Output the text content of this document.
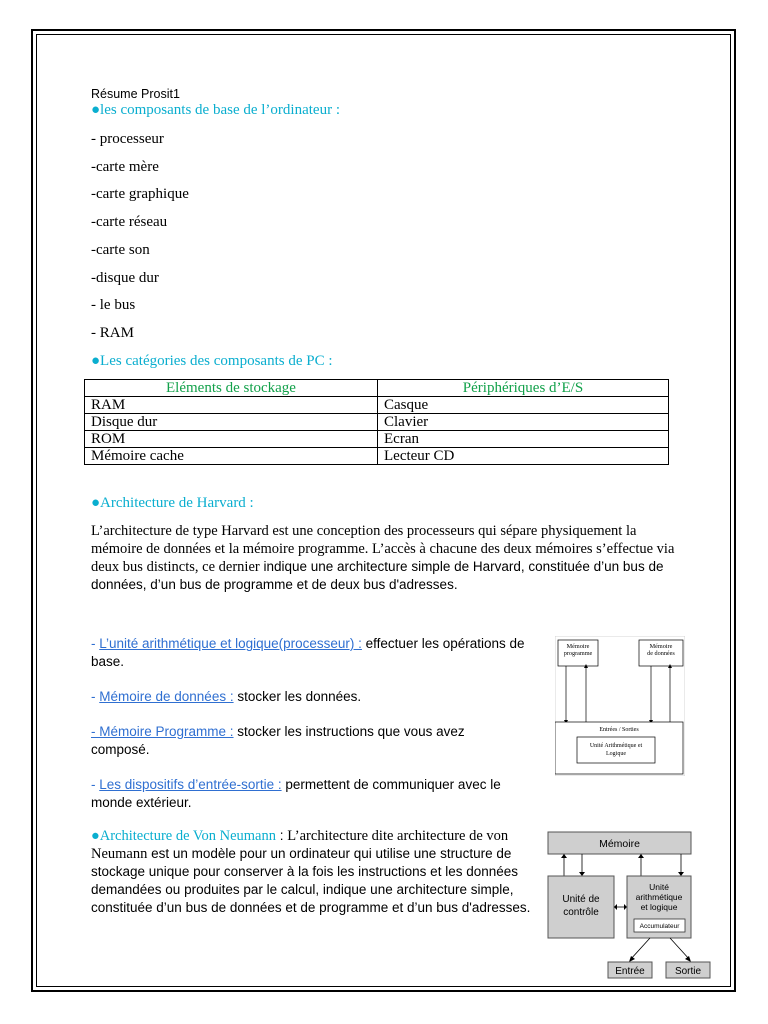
Résume Prosit1
●les composants de base de l’ordinateur :
- processeur
-carte mère
-carte graphique
-carte réseau
-carte son
-disque dur
- le bus
- RAM
●Les catégories des composants de PC :
Eléments de stockage	Périphériques d’E/S
RAM	Casque
Disque dur	Clavier
ROM	Ecran
Mémoire cache	Lecteur CD
●Architecture de Harvard :
L’architecture de type Harvard est une conception des processeurs qui sépare physiquement la mémoire de données et la mémoire programme. L’accès à chacune des deux mémoires s’effectue via deux bus distincts, ce dernier indique une architecture simple de Harvard, constituée d’un bus de données, d’un bus de programme et de deux bus d'adresses.
- L’unité arithmétique et logique(processeur) : effectuer les opérations de base.
- Mémoire de données : stocker les données.
- Mémoire Programme : stocker les instructions que vous avez composé.
- Les dispositifs d’entrée-sortie : permettent de communiquer avec le monde extérieur.
Mémoire
programme
Mémoire
de données
Entrées / Sorties
Unité Arithmétique et
Logique
●Architecture de Von Neumann : L’architecture dite architecture de von Neumann est un modèle pour un ordinateur qui utilise une structure de stockage unique pour conserver à la fois les instructions et les données demandées ou produites par le calcul, indique une architecture simple, constituée d’un bus de données et de programme et d’un bus d'adresses.
Mémoire
Unité de
contrôle
Unité
arithmétique
et logique
Accumulateur
Entrée	Sortie
